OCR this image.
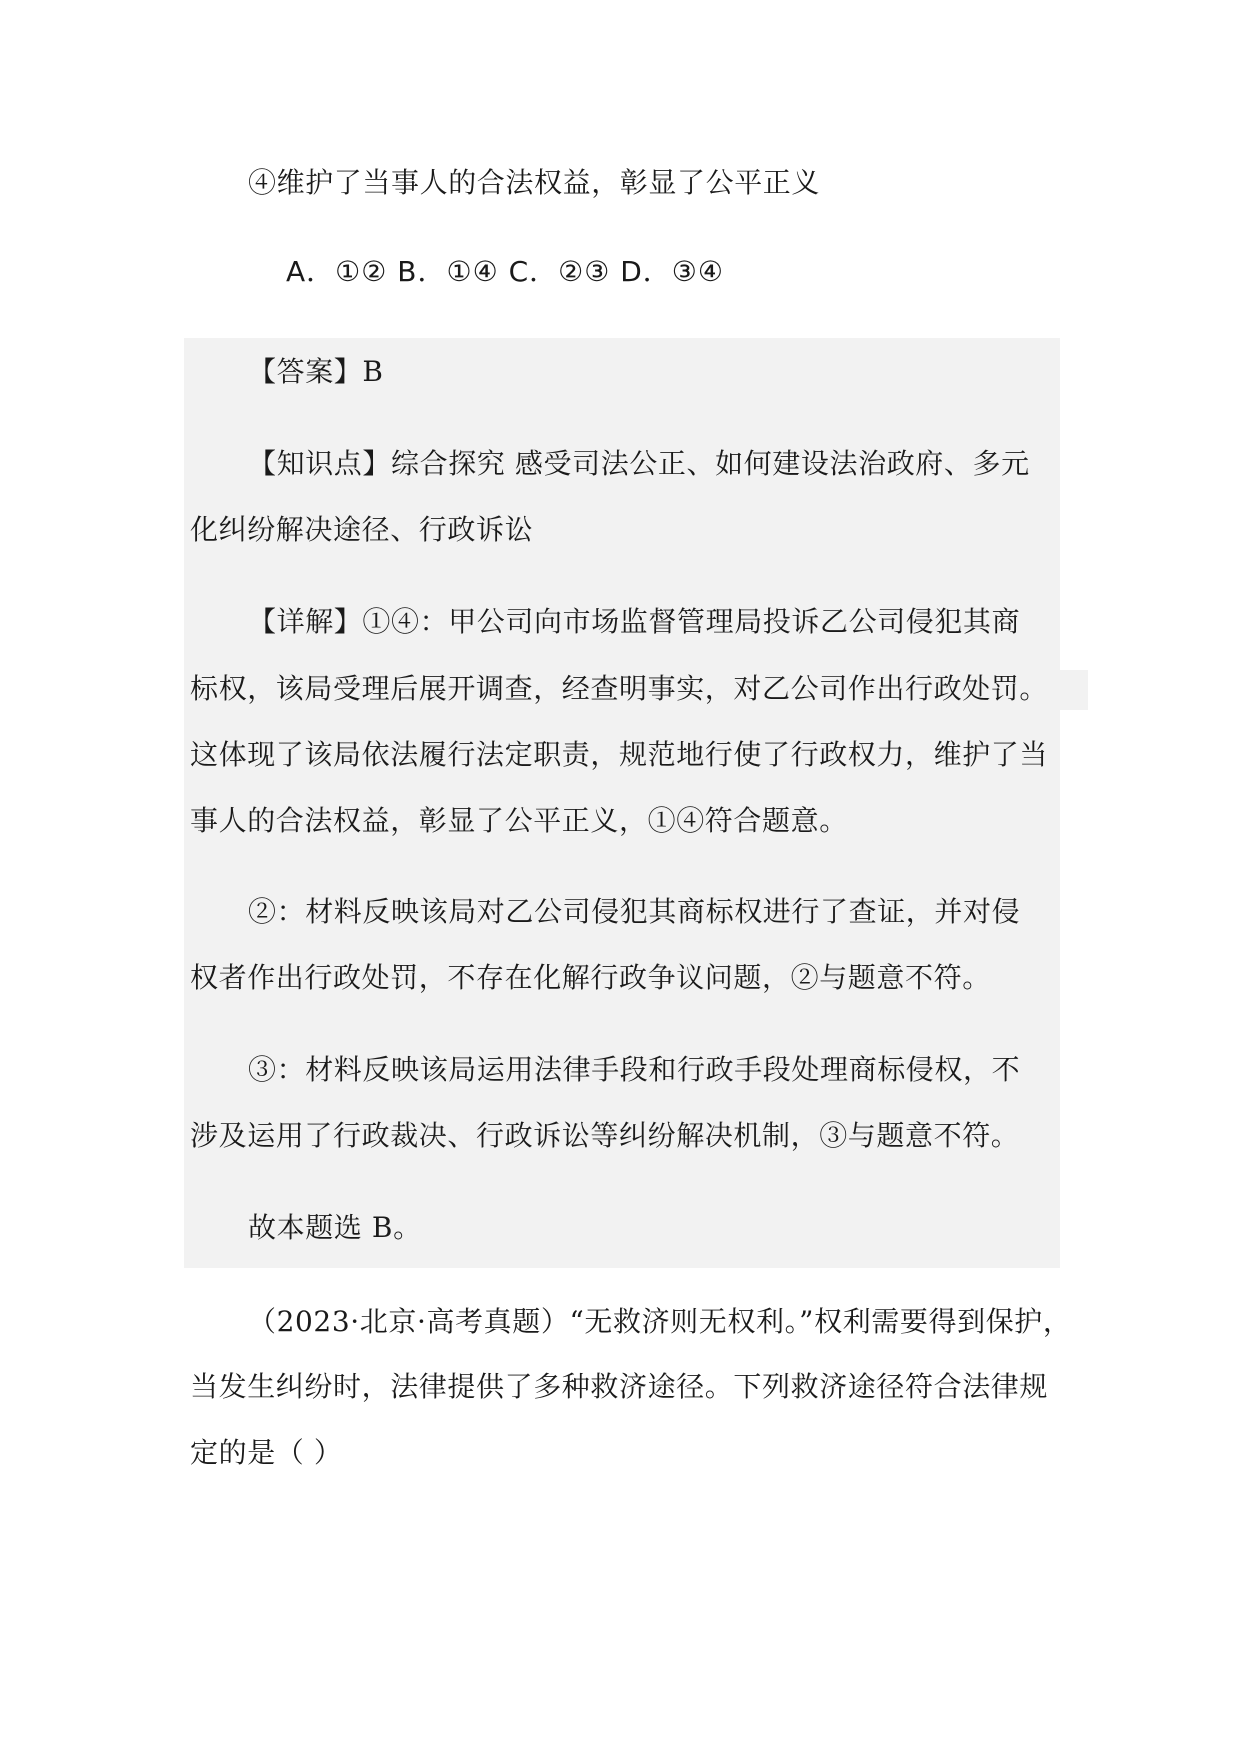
④维护了当事人的合法权益，彰显了公平正义
A．①② B．①④ C．②③ D．③④
【答案】B
【知识点】综合探究 感受司法公正、如何建设法治政府、多元
化纠纷解决途径、行政诉讼
【详解】①④：甲公司向市场监督管理局投诉乙公司侵犯其商
标权，该局受理后展开调查，经查明事实，对乙公司作出行政处罚。
这体现了该局依法履行法定职责，规范地行使了行政权力，维护了当
事人的合法权益，彰显了公平正义，①④符合题意。
②：材料反映该局对乙公司侵犯其商标权进行了查证，并对侵
权者作出行政处罚，不存在化解行政争议问题，②与题意不符。
③：材料反映该局运用法律手段和行政手段处理商标侵权，不
涉及运用了行政裁决、行政诉讼等纠纷解决机制，③与题意不符。
故本题选 B。
（2023·北京·高考真题）“无救济则无权利。”权利需要得到保护，
当发生纠纷时，法律提供了多种救济途径。下列救济途径符合法律规
定的是（ ）
